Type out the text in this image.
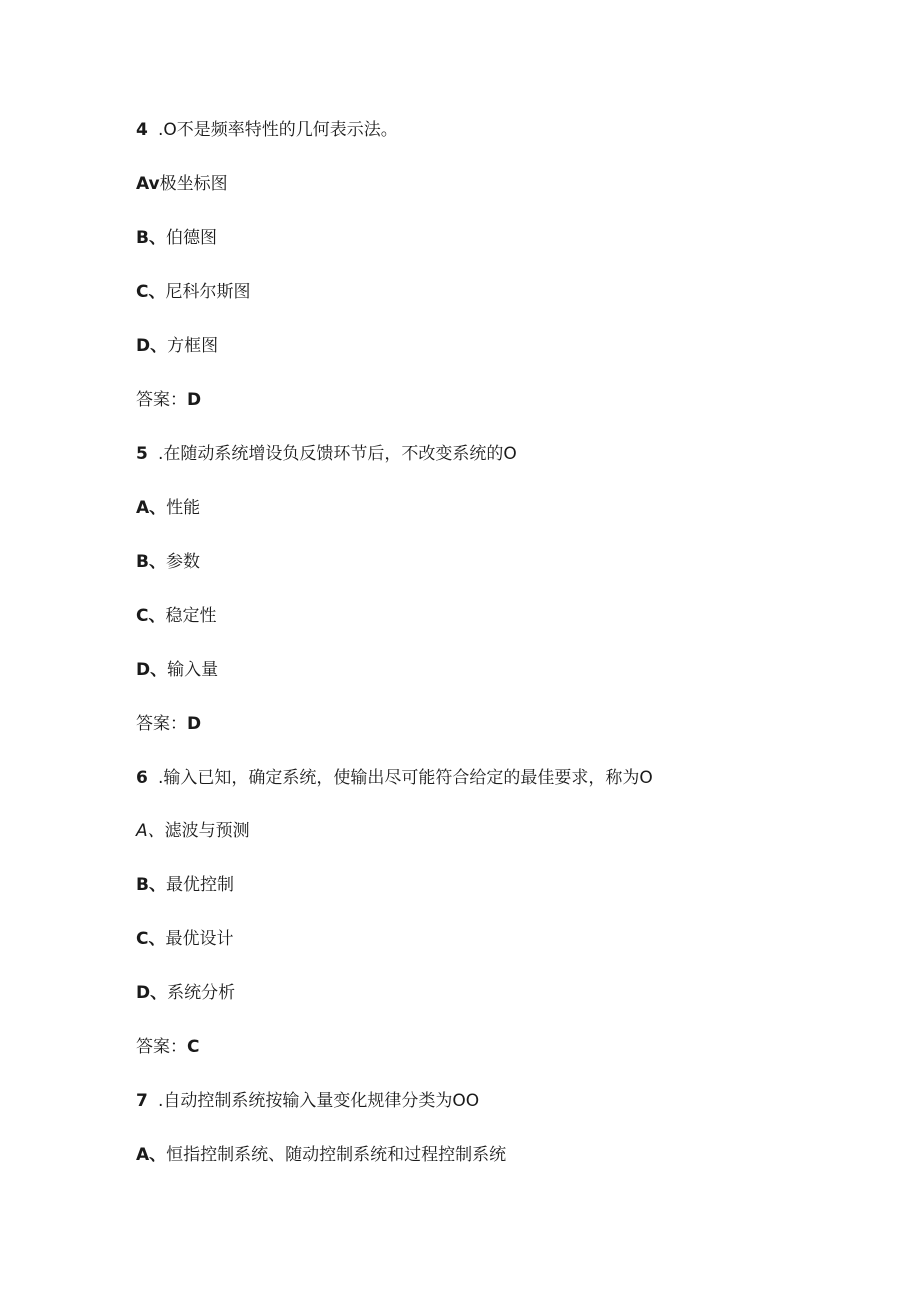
4 .O不是频率特性的几何表示法。
Av极坐标图
B、伯德图
C、尼科尔斯图
D、方框图
答案：D
5 .在随动系统增设负反馈环节后，不改变系统的O
A、性能
B、参数
C、稳定性
D、输入量
答案：D
6 .输入已知，确定系统，使输出尽可能符合给定的最佳要求，称为O
A、滤波与预测
B、最优控制
C、最优设计
D、系统分析
答案：C
7 .自动控制系统按输入量变化规律分类为OO
A、恒指控制系统、随动控制系统和过程控制系统
